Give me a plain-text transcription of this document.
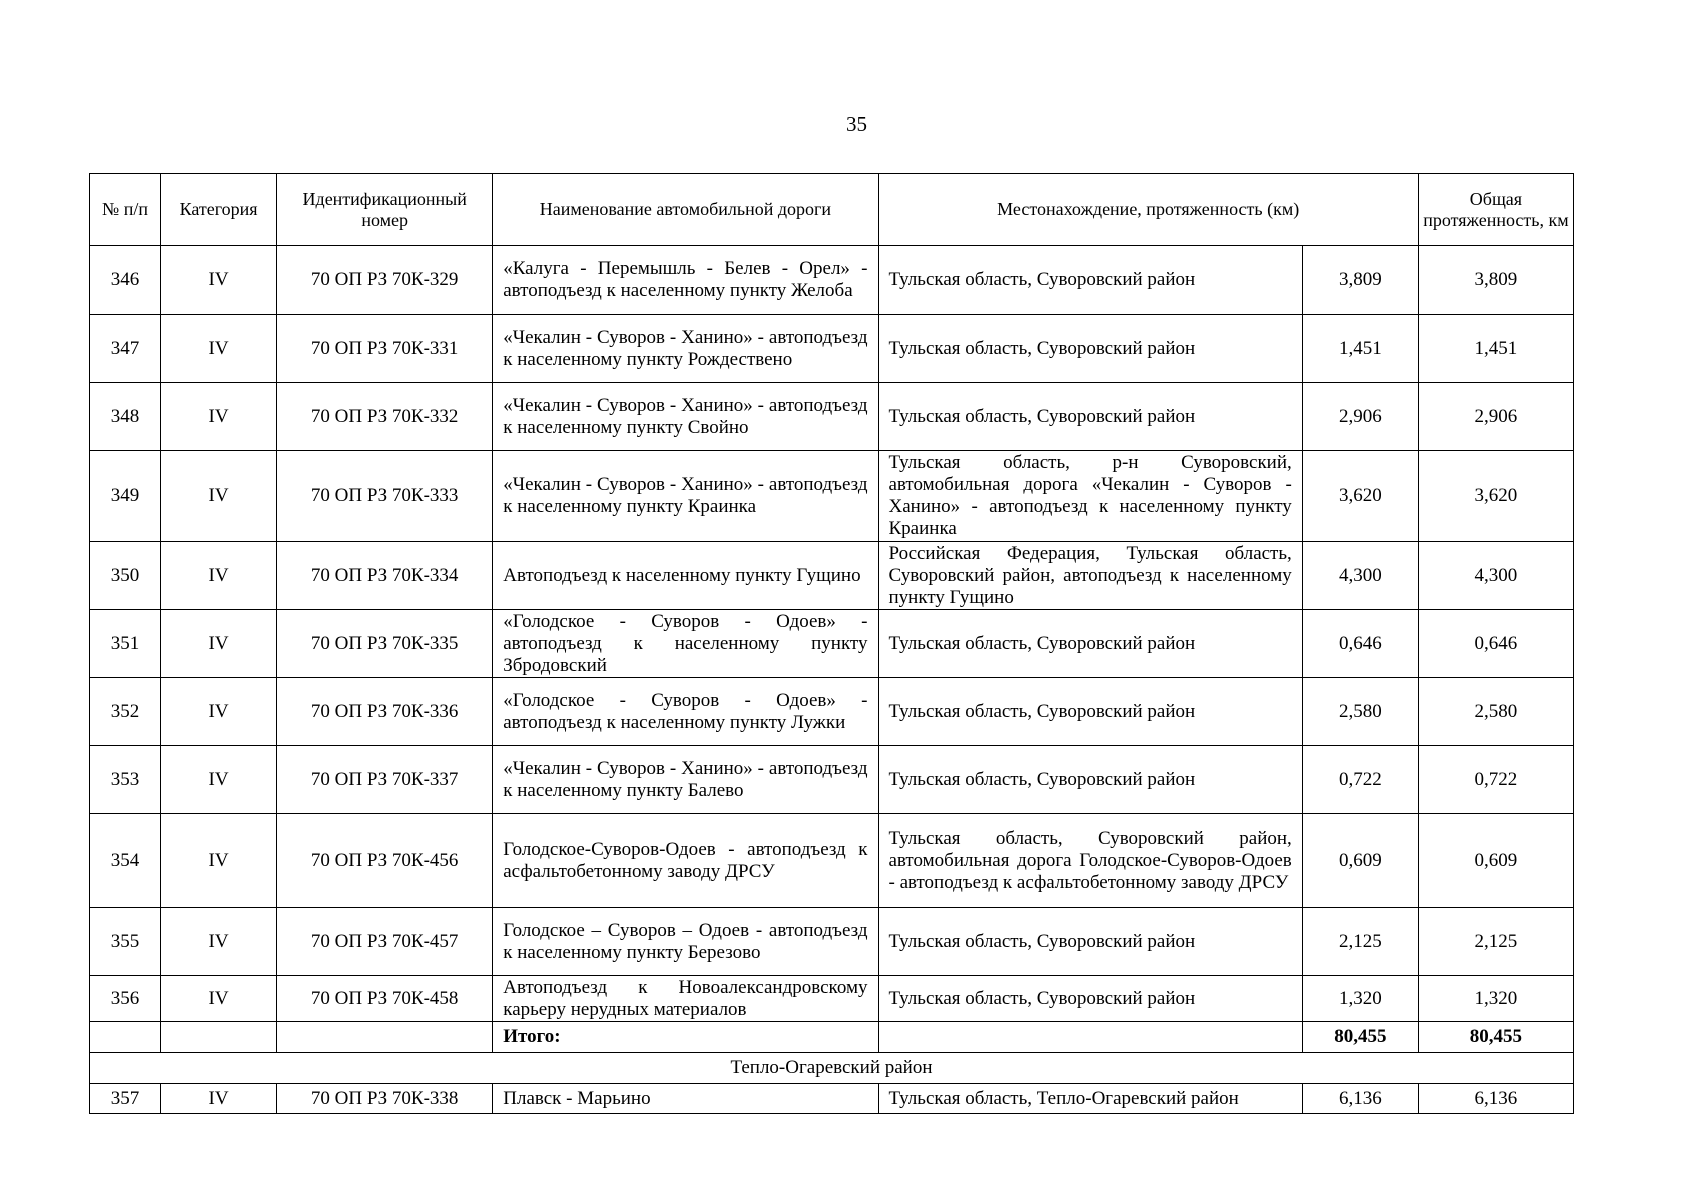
35
№ п/п	Категория	Идентификационный номер	Наименование автомобильной дороги	Местонахождение, протяженность (км)		Общая протяженность, км
346	IV	70 ОП РЗ 70К-329	«Калуга - Перемышль - Белев - Орел» - автоподъезд к населенному пункту Желоба	Тульская область, Суворовский район	3,809	3,809
347	IV	70 ОП РЗ 70К-331	«Чекалин - Суворов - Ханино» - автоподъезд к населенному пункту Рождествено	Тульская область, Суворовский район	1,451	1,451
348	IV	70 ОП РЗ 70К-332	«Чекалин - Суворов - Ханино» - автоподъезд к населенному пункту Свойно	Тульская область, Суворовский район	2,906	2,906
349	IV	70 ОП РЗ 70К-333	«Чекалин - Суворов - Ханино» - автоподъезд к населенному пункту Краинка	Тульская область, р-н Суворовский, автомобильная дорога «Чекалин - Суворов - Ханино» - автоподъезд к населенному пункту Краинка	3,620	3,620
350	IV	70 ОП РЗ 70К-334	Автоподъезд к населенному пункту Гущино	Российская Федерация, Тульская область, Суворовский район, автоподъезд к населенному пункту Гущино	4,300	4,300
351	IV	70 ОП РЗ 70К-335	«Голодское - Суворов - Одоев» - автоподъезд к населенному пункту Збродовский	Тульская область, Суворовский район	0,646	0,646
352	IV	70 ОП РЗ 70К-336	«Голодское - Суворов - Одоев» - автоподъезд к населенному пункту Лужки	Тульская область, Суворовский район	2,580	2,580
353	IV	70 ОП РЗ 70К-337	«Чекалин - Суворов - Ханино» - автоподъезд к населенному пункту Балево	Тульская область, Суворовский район	0,722	0,722
354	IV	70 ОП РЗ 70К-456	Голодское-Суворов-Одоев - автоподъезд к асфальтобетонному заводу ДРСУ	Тульская область, Суворовский район, автомобильная дорога Голодское-Суворов-Одоев - автоподъезд к асфальтобетонному заводу ДРСУ	0,609	0,609
355	IV	70 ОП РЗ 70К-457	Голодское – Суворов – Одоев - автоподъезд к населенному пункту Березово	Тульская область, Суворовский район	2,125	2,125
356	IV	70 ОП РЗ 70К-458	Автоподъезд к Новоалександровскому карьеру нерудных материалов	Тульская область, Суворовский район	1,320	1,320
			Итого:		80,455	80,455
Тепло-Огаревский район						
357	IV	70 ОП РЗ 70К-338	Плавск - Марьино	Тульская область, Тепло-Огаревский район	6,136	6,136
